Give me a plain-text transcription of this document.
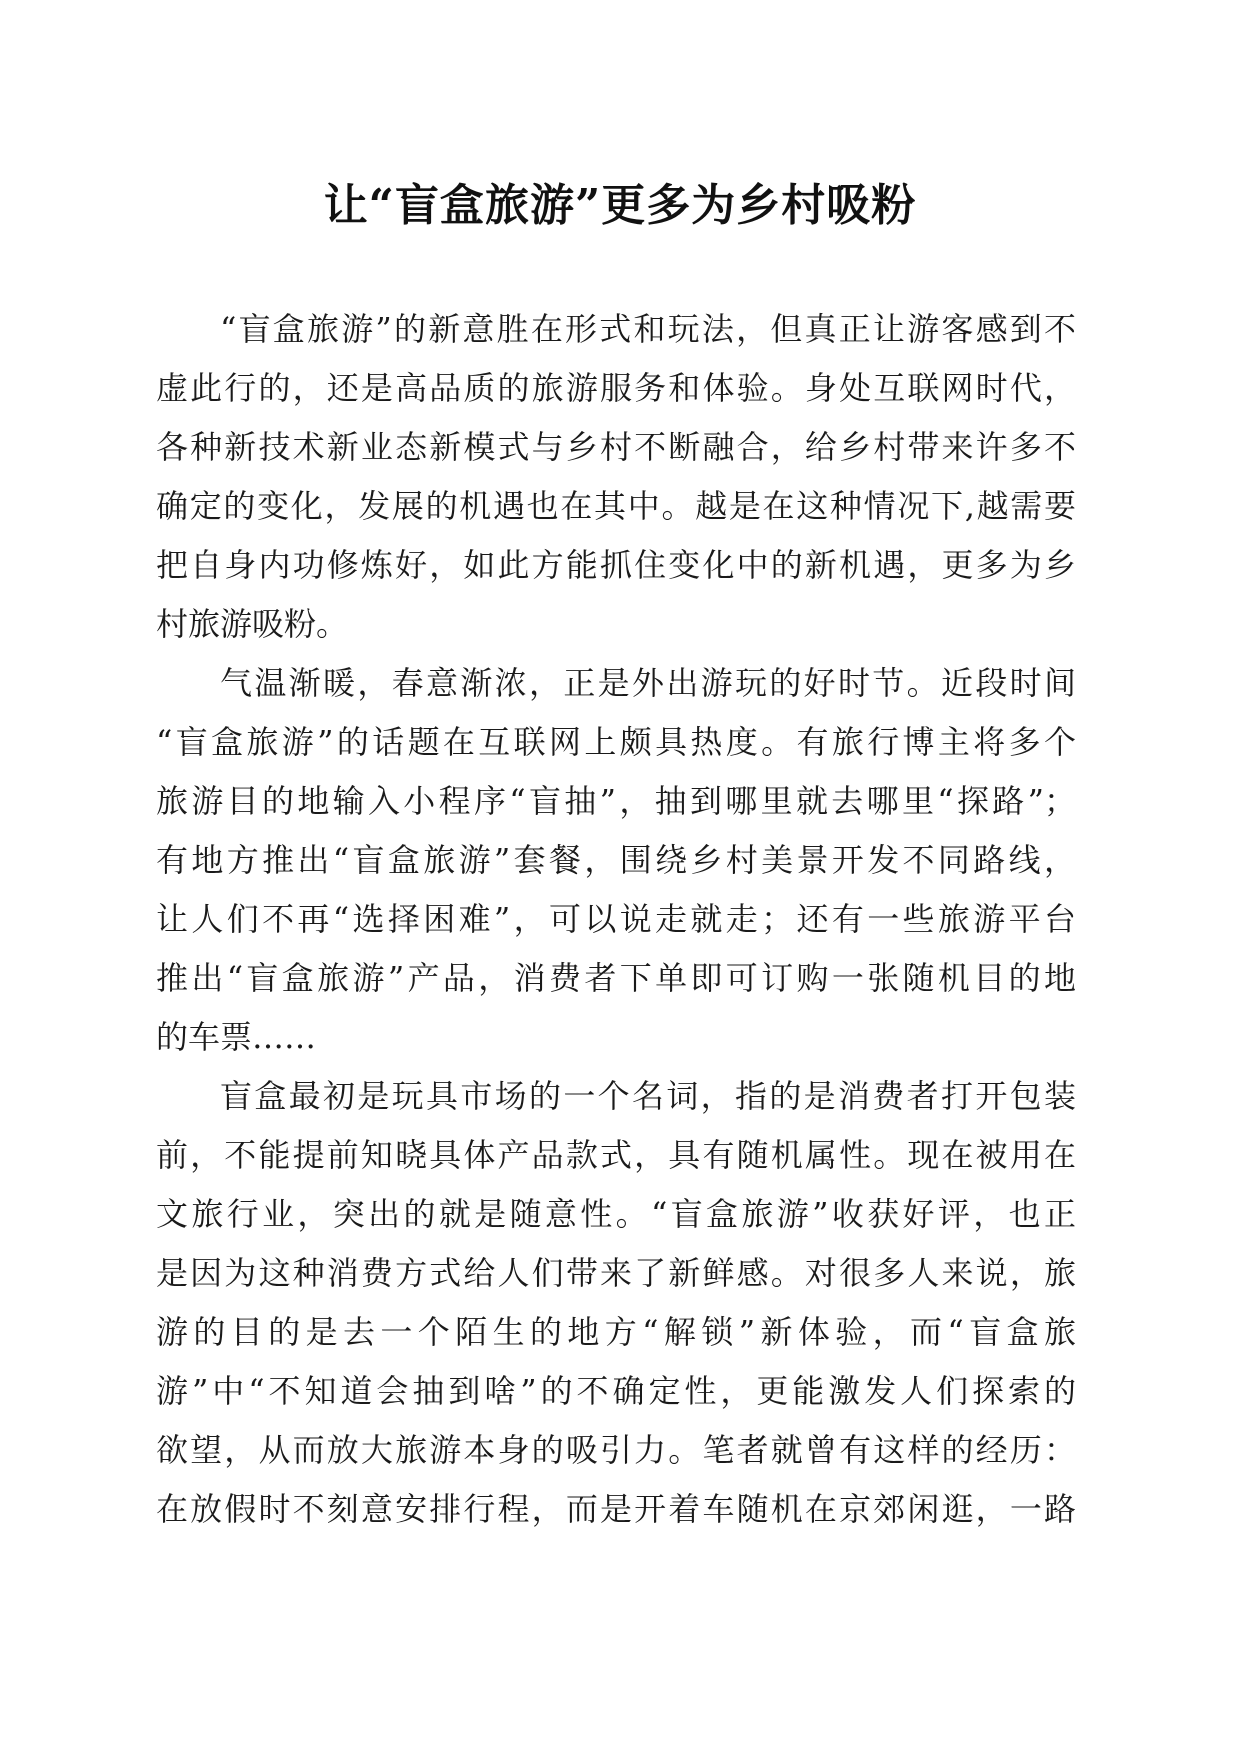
让“盲盒旅游”更多为乡村吸粉

“盲盒旅游”的新意胜在形式和玩法，但真正让游客感到不
虚此行的，还是高品质的旅游服务和体验。身处互联网时代，
各种新技术新业态新模式与乡村不断融合，给乡村带来许多不
确定的变化，发展的机遇也在其中。越是在这种情况下,越需要
把自身内功修炼好，如此方能抓住变化中的新机遇，更多为乡
村旅游吸粉。

气温渐暖，春意渐浓，正是外出游玩的好时节。近段时间
“盲盒旅游”的话题在互联网上颇具热度。有旅行博主将多个
旅游目的地输入小程序“盲抽”，抽到哪里就去哪里“探路”；
有地方推出“盲盒旅游”套餐，围绕乡村美景开发不同路线，
让人们不再“选择困难”，可以说走就走；还有一些旅游平台
推出“盲盒旅游”产品，消费者下单即可订购一张随机目的地
的车票……

盲盒最初是玩具市场的一个名词，指的是消费者打开包装
前，不能提前知晓具体产品款式，具有随机属性。现在被用在
文旅行业，突出的就是随意性。“盲盒旅游”收获好评，也正
是因为这种消费方式给人们带来了新鲜感。对很多人来说，旅
游的目的是去一个陌生的地方“解锁”新体验，而“盲盒旅
游”中“不知道会抽到啥”的不确定性，更能激发人们探索的
欲望，从而放大旅游本身的吸引力。笔者就曾有这样的经历：
在放假时不刻意安排行程，而是开着车随机在京郊闲逛，一路
